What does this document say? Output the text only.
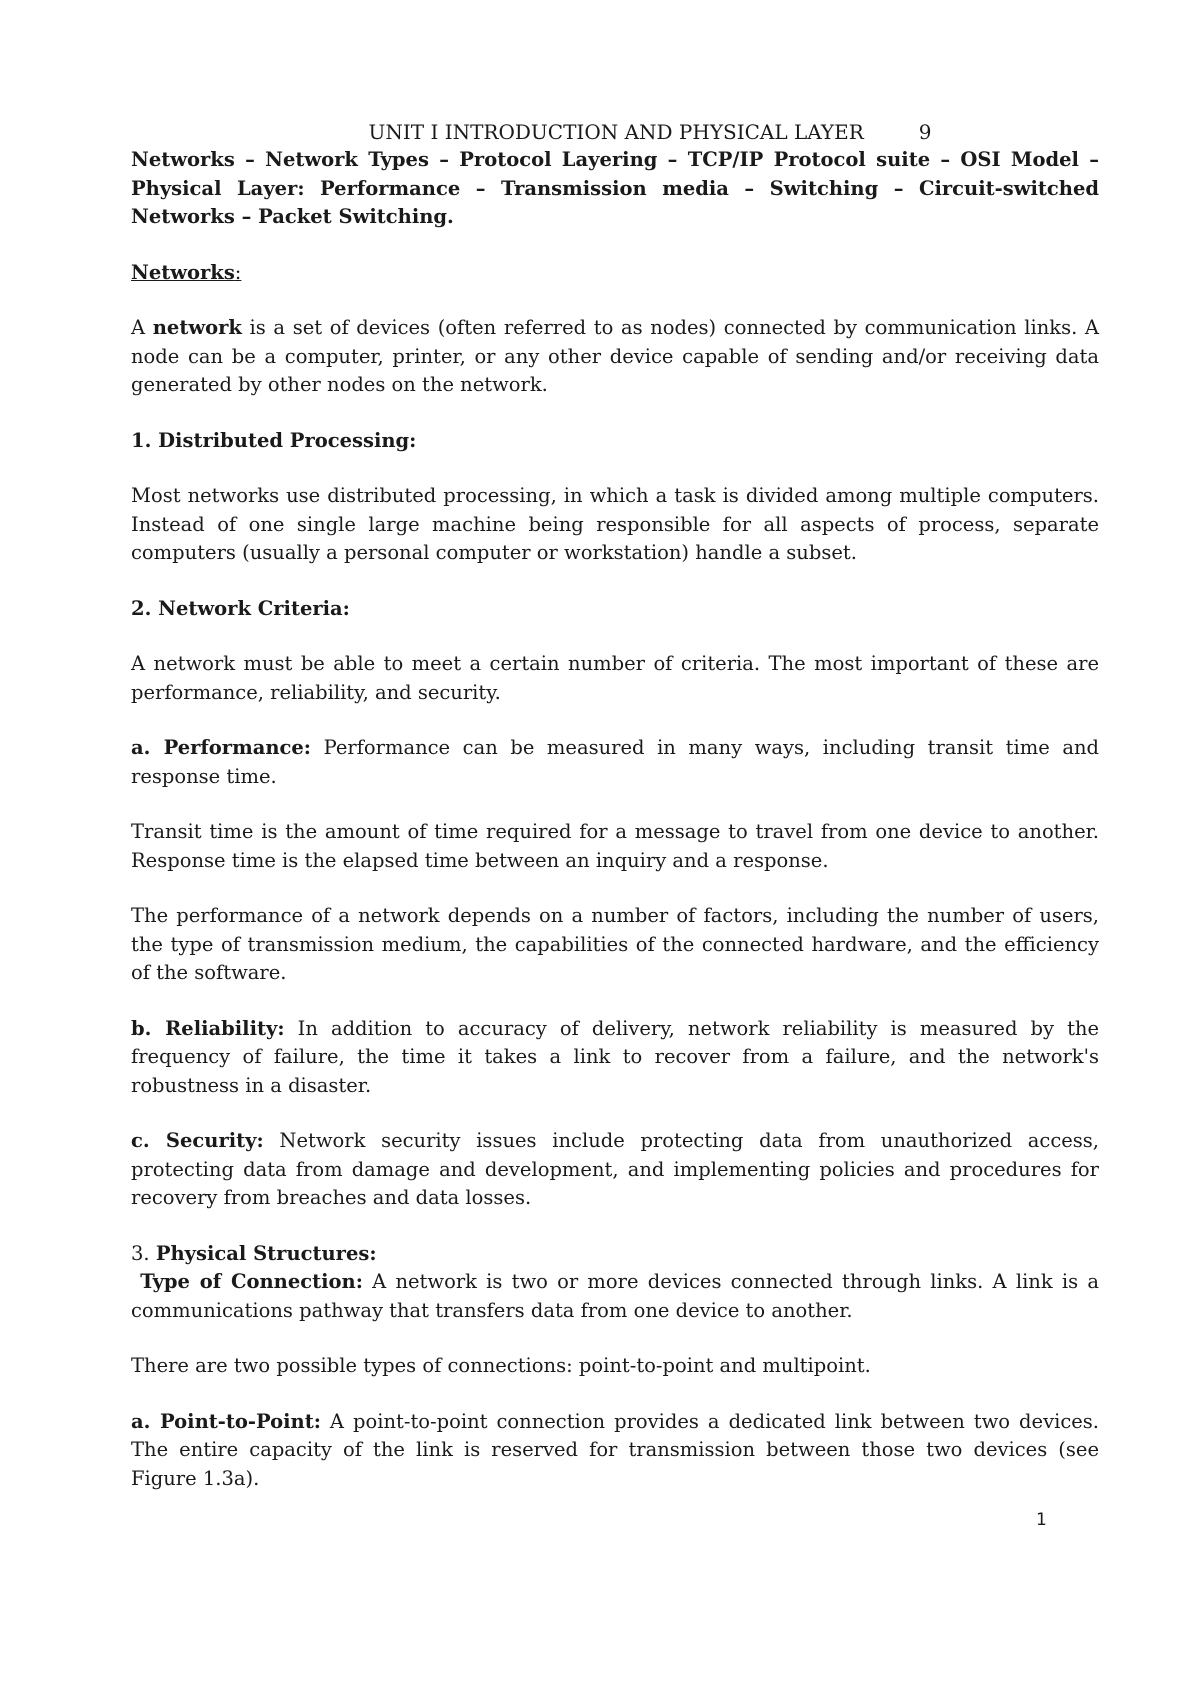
UNIT I INTRODUCTION AND PHYSICAL LAYER	9

Networks – Network Types – Protocol Layering – TCP/IP Protocol suite – OSI Model – Physical Layer: Performance – Transmission media – Switching – Circuit-switched Networks – Packet Switching.

Networks:

A network is a set of devices (often referred to as nodes) connected by communication links. A node can be a computer, printer, or any other device capable of sending and/or receiving data generated by other nodes on the network.

1. Distributed Processing:

Most networks use distributed processing, in which a task is divided among multiple computers. Instead of one single large machine being responsible for all aspects of process, separate computers (usually a personal computer or workstation) handle a subset.

2. Network Criteria:

A network must be able to meet a certain number of criteria. The most important of these are performance, reliability, and security.

a. Performance: Performance can be measured in many ways, including transit time and response time.

Transit time is the amount of time required for a message to travel from one device to another. Response time is the elapsed time between an inquiry and a response.

The performance of a network depends on a number of factors, including the number of users, the type of transmission medium, the capabilities of the connected hardware, and the efficiency of the software.

b. Reliability: In addition to accuracy of delivery, network reliability is measured by the frequency of failure, the time it takes a link to recover from a failure, and the network's robustness in a disaster.

c. Security: Network security issues include protecting data from unauthorized access, protecting data from damage and development, and implementing policies and procedures for recovery from breaches and data losses.

3. Physical Structures:

Type of Connection: A network is two or more devices connected through links. A link is a communications pathway that transfers data from one device to another.

There are two possible types of connections: point-to-point and multipoint.

a. Point-to-Point: A point-to-point connection provides a dedicated link between two devices. The entire capacity of the link is reserved for transmission between those two devices (see Figure 1.3a).

1
